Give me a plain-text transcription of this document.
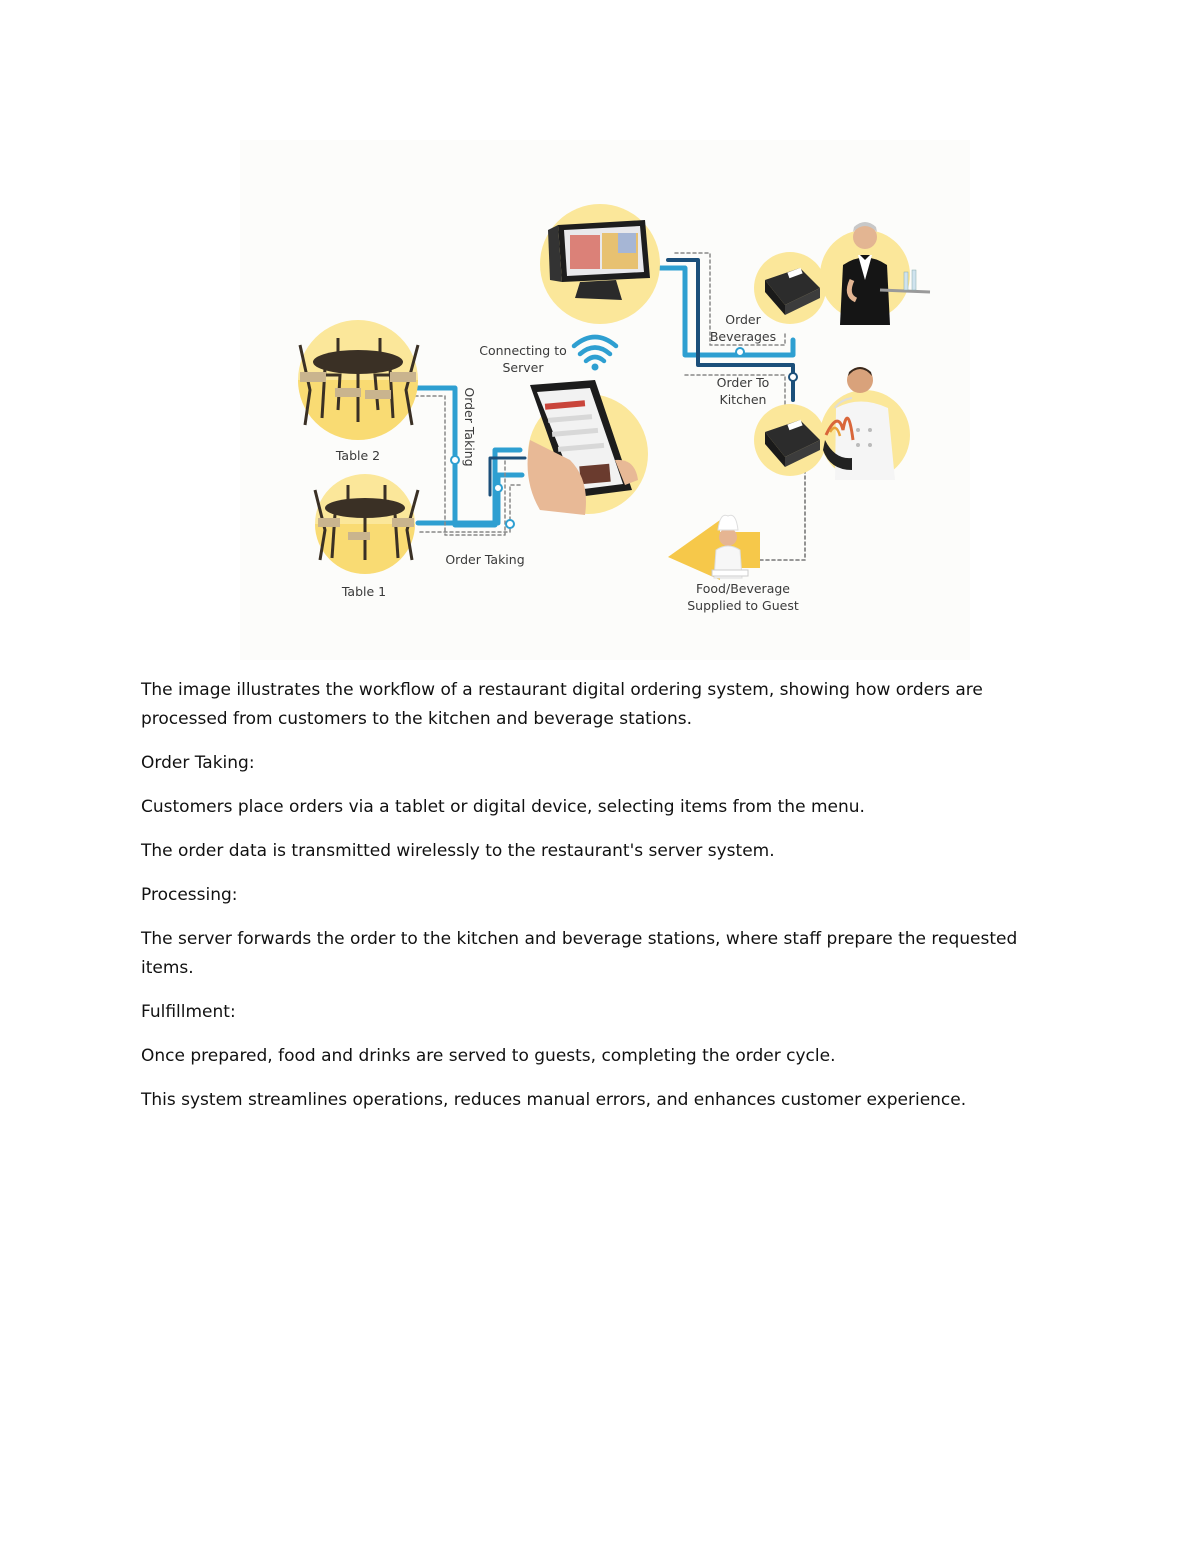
Connecting to
Server
Order Taking
Order Taking
Table 2
Table 1
Order
Beverages
Order To
Kitchen
Food/Beverage
Supplied to Guest

The image illustrates the workflow of a restaurant digital ordering system, showing how orders are processed from customers to the kitchen and beverage stations.

Order Taking:

Customers place orders via a tablet or digital device, selecting items from the menu.

The order data is transmitted wirelessly to the restaurant's server system.

Processing:

The server forwards the order to the kitchen and beverage stations, where staff prepare the requested items.

Fulfillment:

Once prepared, food and drinks are served to guests, completing the order cycle.

This system streamlines operations, reduces manual errors, and enhances customer experience.
